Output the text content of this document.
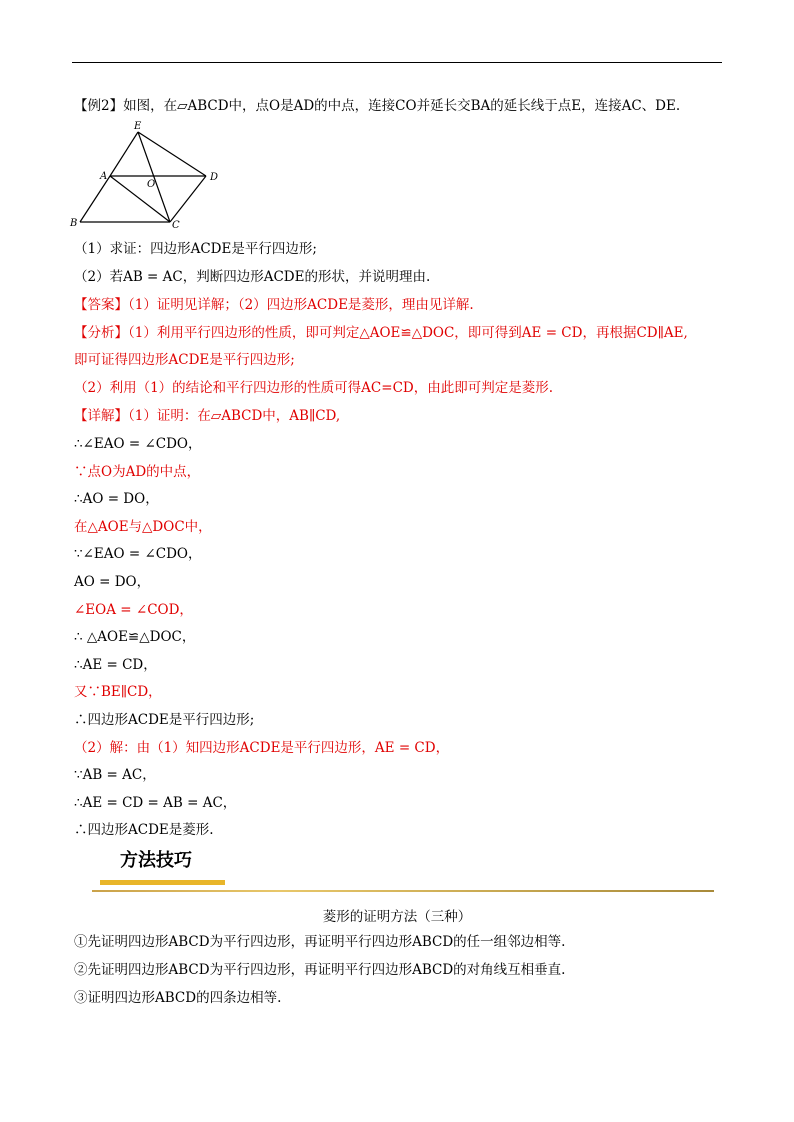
【例2】如图，在▱ABCD中，点O是AD的中点，连接CO并延长交BA的延长线于点E，连接AC、DE.
E
A
O
D
B	C
（1）求证：四边形ACDE是平行四边形;
（2）若AB = AC，判断四边形ACDE的形状，并说明理由.
【答案】（1）证明见详解；（2）四边形ACDE是菱形，理由见详解.
【分析】（1）利用平行四边形的性质，即可判定△AOE≌△DOC，即可得到AE = CD，再根据CD∥AE,
即可证得四边形ACDE是平行四边形;
（2）利用（1）的结论和平行四边形的性质可得AC=CD，由此即可判定是菱形.
【详解】（1）证明：在▱ABCD中，AB∥CD,
∴∠EAO = ∠CDO，
∵点O为AD的中点，
∴AO = DO，
在△AOE与△DOC中，
∵∠EAO = ∠CDO，
AO = DO，
∠EOA = ∠COD，
∴ △AOE≌△DOC，
∴AE = CD，
又∵BE∥CD，
∴四边形ACDE是平行四边形;
（2）解：由（1）知四边形ACDE是平行四边形，AE = CD，
∵AB = AC，
∴AE = CD = AB = AC，
∴四边形ACDE是菱形.
方法技巧
菱形的证明方法（三种）
①先证明四边形ABCD为平行四边形，再证明平行四边形ABCD的任一组邻边相等.
②先证明四边形ABCD为平行四边形，再证明平行四边形ABCD的对角线互相垂直.
③证明四边形ABCD的四条边相等.
